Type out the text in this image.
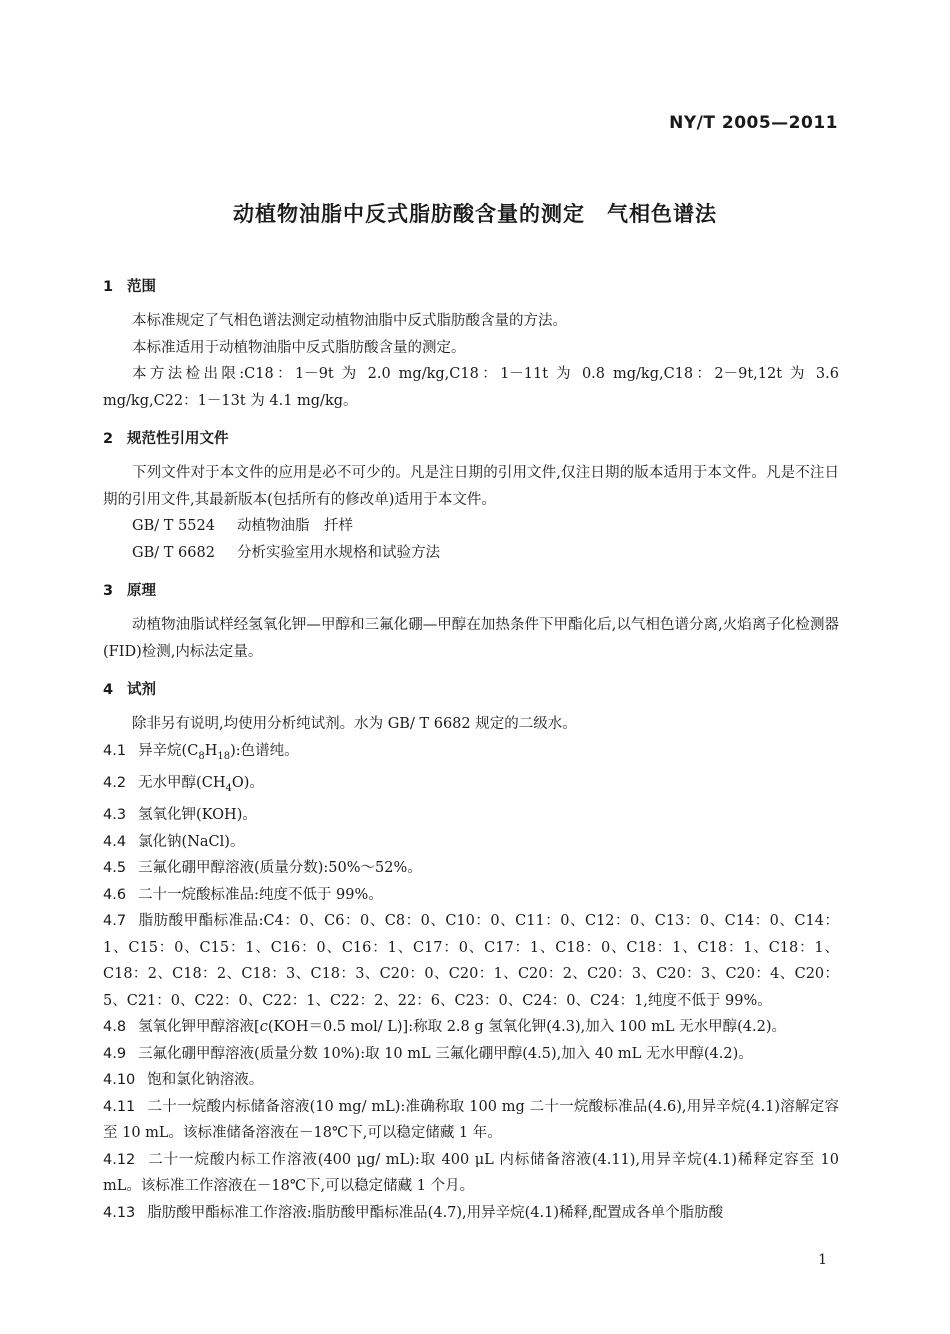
NY/T 2005—2011
动植物油脂中反式脂肪酸含量的测定　气相色谱法
1 范围
本标准规定了气相色谱法测定动植物油脂中反式脂肪酸含量的方法。
本标准适用于动植物油脂中反式脂肪酸含量的测定。
本方法检出限:C18：1－9t 为 2.0 mg/kg,C18：1－11t 为 0.8 mg/kg,C18：2－9t,12t 为 3.6 mg/kg,C22：1－13t 为 4.1 mg/kg。
2 规范性引用文件
下列文件对于本文件的应用是必不可少的。凡是注日期的引用文件,仅注日期的版本适用于本文件。凡是不注日期的引用文件,其最新版本(包括所有的修改单)适用于本文件。
GB/ T 5524 动植物油脂　扦样
GB/ T 6682 分析实验室用水规格和试验方法
3 原理
动植物油脂试样经氢氧化钾—甲醇和三氟化硼—甲醇在加热条件下甲酯化后,以气相色谱分离,火焰离子化检测器(FID)检测,内标法定量。
4 试剂
除非另有说明,均使用分析纯试剂。水为 GB/ T 6682 规定的二级水。
4.1 异辛烷$(C_8H_{18})$:色谱纯。
4.2 无水甲醇$(CH_4O)$。
4.3 氢氧化钾(KOH)。
4.4 氯化钠(NaCl)。
4.5 三氟化硼甲醇溶液(质量分数):50%～52%。
4.6 二十一烷酸标准品:纯度不低于 99%。
4.7 脂肪酸甲酯标准品:C4：0、C6：0、C8：0、C10：0、C11：0、C12：0、C13：0、C14：0、C14：1、C15：0、C15：1、C16：0、C16：1、C17：0、C17：1、C18：0、C18：1、C18：1、C18：1、C18：2、C18：2、C18：3、C18：3、C20：0、C20：1、C20：2、C20：3、C20：3、C20：4、C20：5、C21：0、C22：0、C22：1、C22：2、22：6、C23：0、C24：0、C24：1,纯度不低于 99%。
4.8 氢氧化钾甲醇溶液[c(KOH＝0.5 mol/ L)]:称取 2.8 g 氢氧化钾(4.3),加入 100 mL 无水甲醇(4.2)。
4.9 三氟化硼甲醇溶液(质量分数 10%):取 10 mL 三氟化硼甲醇(4.5),加入 40 mL 无水甲醇(4.2)。
4.10 饱和氯化钠溶液。
4.11 二十一烷酸内标储备溶液(10 mg/ mL):准确称取 100 mg 二十一烷酸标准品(4.6),用异辛烷(4.1)溶解定容至 10 mL。该标准储备溶液在－18℃下,可以稳定储藏 1 年。
4.12 二十一烷酸内标工作溶液(400 μg/ mL):取 400 μL 内标储备溶液(4.11),用异辛烷(4.1)稀释定容至 10 mL。该标准工作溶液在－18℃下,可以稳定储藏 1 个月。
4.13 脂肪酸甲酯标准工作溶液:脂肪酸甲酯标准品(4.7),用异辛烷(4.1)稀释,配置成各单个脂肪酸
1
